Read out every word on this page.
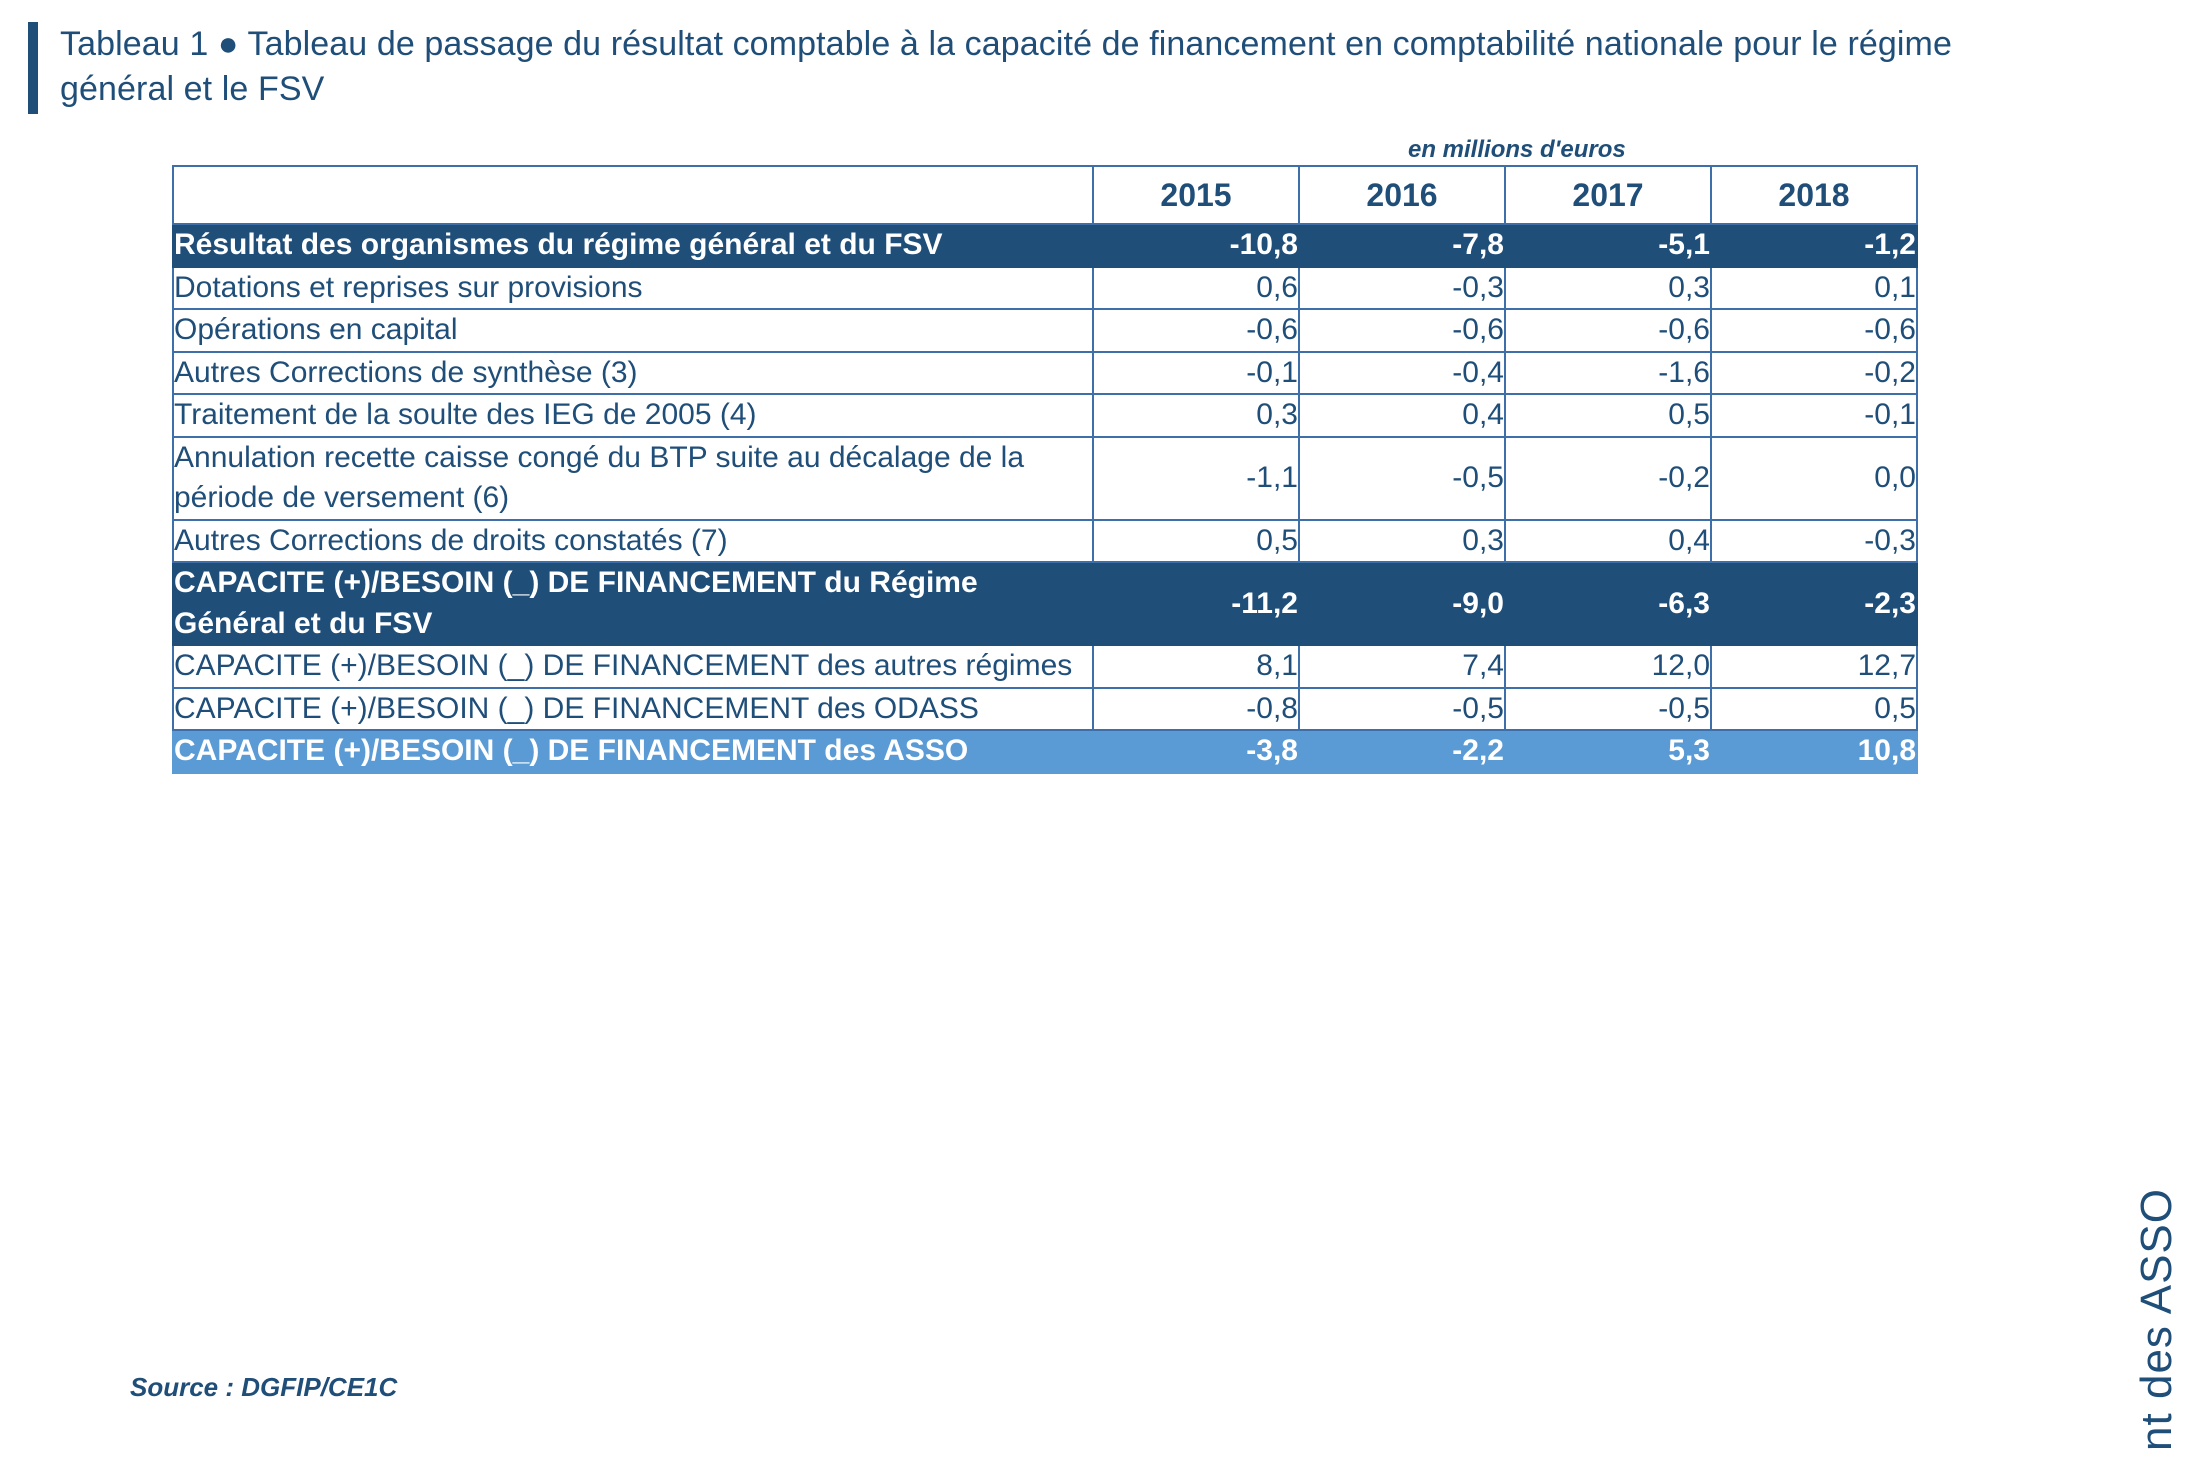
Tableau 1 ● Tableau de passage du résultat comptable à la capacité de financement en comptabilité nationale pour le régime général et le FSV
en millions d'euros
	2015	2016	2017	2018
Résultat des organismes du régime général et du FSV	-10,8	-7,8	-5,1	-1,2
Dotations et reprises sur provisions	0,6	-0,3	0,3	0,1
Opérations en capital	-0,6	-0,6	-0,6	-0,6
Autres Corrections de synthèse (3)	-0,1	-0,4	-1,6	-0,2
Traitement de la soulte des IEG de 2005 (4)	0,3	0,4	0,5	-0,1
Annulation recette caisse congé du BTP suite au décalage de la période de versement (6)	-1,1	-0,5	-0,2	0,0
Autres Corrections de droits constatés (7)	0,5	0,3	0,4	-0,3
CAPACITE (+)/BESOIN (_) DE FINANCEMENT du Régime Général et du FSV	-11,2	-9,0	-6,3	-2,3
CAPACITE (+)/BESOIN (_) DE FINANCEMENT des autres régimes	8,1	7,4	12,0	12,7
CAPACITE (+)/BESOIN (_) DE FINANCEMENT des ODASS	-0,8	-0,5	-0,5	0,5
CAPACITE (+)/BESOIN (_) DE FINANCEMENT des ASSO	-3,8	-2,2	5,3	10,8
Source : DGFIP/CE1C	nt des ASSO
